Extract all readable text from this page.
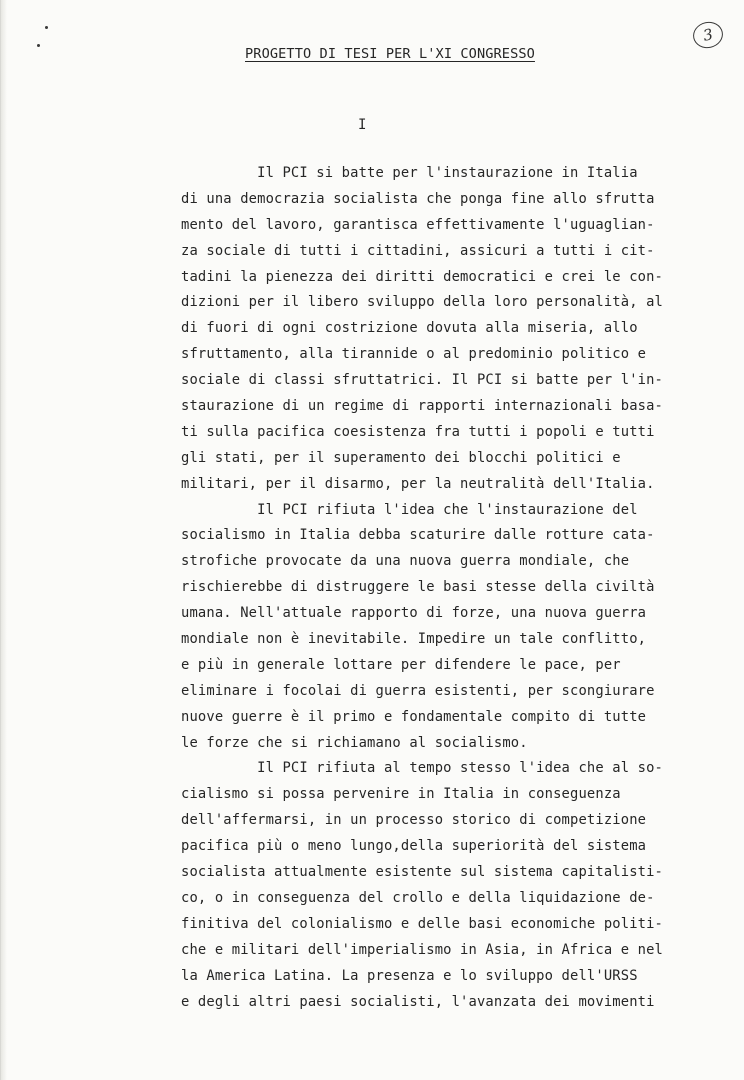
3
PROGETTO DI TESI PER L'XI CONGRESSO
I
Il PCI si batte per l'instaurazione in Italia
di una democrazia socialista che ponga fine allo sfrutta
mento del lavoro, garantisca effettivamente l'uguaglian-
za sociale di tutti i cittadini, assicuri a tutti i cit-
tadini la pienezza dei diritti democratici e crei le con-
dizioni per il libero sviluppo della loro personalità, al
di fuori di ogni costrizione dovuta alla miseria, allo
sfruttamento, alla tirannide o al predominio politico e
sociale di classi sfruttatrici. Il PCI si batte per l'in-
staurazione di un regime di rapporti internazionali basa-
ti sulla pacifica coesistenza fra tutti i popoli e tutti
gli stati, per il superamento dei blocchi politici e
militari, per il disarmo, per la neutralità dell'Italia.
Il PCI rifiuta l'idea che l'instaurazione del
socialismo in Italia debba scaturire dalle rotture cata-
strofiche provocate da una nuova guerra mondiale, che
rischierebbe di distruggere le basi stesse della civiltà
umana. Nell'attuale rapporto di forze, una nuova guerra
mondiale non è inevitabile. Impedire un tale conflitto,
e più in generale lottare per difendere le pace, per
eliminare i focolai di guerra esistenti, per scongiurare
nuove guerre è il primo e fondamentale compito di tutte
le forze che si richiamano al socialismo.
Il PCI rifiuta al tempo stesso l'idea che al so-
cialismo si possa pervenire in Italia in conseguenza
dell'affermarsi, in un processo storico di competizione
pacifica più o meno lungo,della superiorità del sistema
socialista attualmente esistente sul sistema capitalisti-
co, o in conseguenza del crollo e della liquidazione de-
finitiva del colonialismo e delle basi economiche politi-
che e militari dell'imperialismo in Asia, in Africa e nel
la America Latina. La presenza e lo sviluppo dell'URSS
e degli altri paesi socialisti, l'avanzata dei movimenti
